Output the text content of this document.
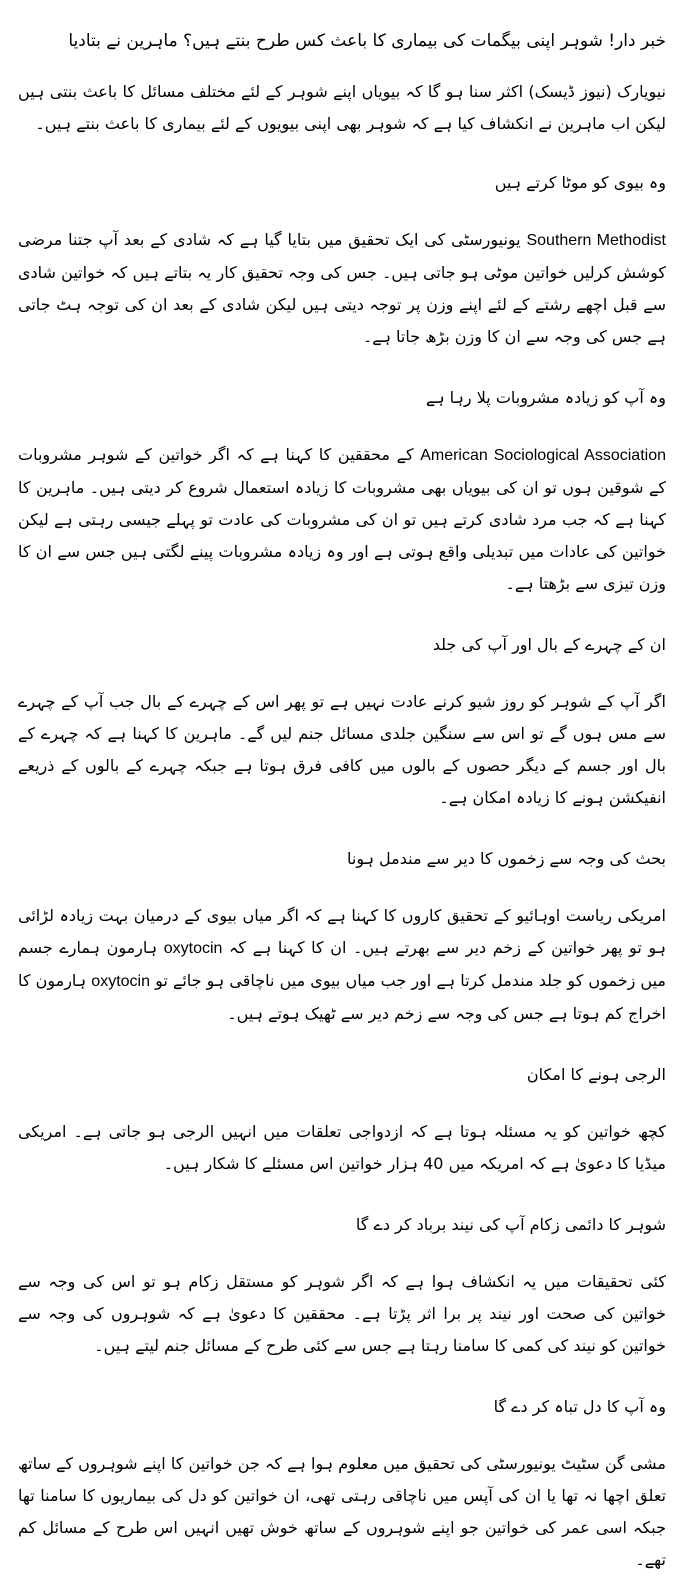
خبر دار! شوہر اپنی بیگمات کی بیماری کا باعث کس طرح بنتے ہیں؟ ماہرین نے بتادیا

نیویارک (نیوز ڈیسک) اکثر سنا ہو گا کہ بیویاں اپنے شوہر کے لئے مختلف مسائل کا باعث بنتی ہیں لیکن اب ماہرین نے انکشاف کیا ہے کہ شوہر بھی اپنی بیویوں کے لئے بیماری کا باعث بنتے ہیں۔

وہ بیوی کو موٹا کرتے ہیں

Southern Methodist یونیورسٹی کی ایک تحقیق میں بتایا گیا ہے کہ شادی کے بعد آپ جتنا مرضی کوشش کرلیں خواتین موٹی ہو جاتی ہیں۔ جس کی وجہ تحقیق کار یہ بتاتے ہیں کہ خواتین شادی سے قبل اچھے رشتے کے لئے اپنے وزن پر توجہ دیتی ہیں لیکن شادی کے بعد ان کی توجہ ہٹ جاتی ہے جس کی وجہ سے ان کا وزن بڑھ جاتا ہے۔

وہ آپ کو زیادہ مشروبات پلا رہا ہے

American Sociological Association کے محققین کا کہنا ہے کہ اگر خواتین کے شوہر مشروبات کے شوقین ہوں تو ان کی بیویاں بھی مشروبات کا زیادہ استعمال شروع کر دیتی ہیں۔ ماہرین کا کہنا ہے کہ جب مرد شادی کرتے ہیں تو ان کی مشروبات کی عادت تو پہلے جیسی رہتی ہے لیکن خواتین کی عادات میں تبدیلی واقع ہوتی ہے اور وہ زیادہ مشروبات پینے لگتی ہیں جس سے ان کا وزن تیزی سے بڑھتا ہے۔

ان کے چہرے کے بال اور آپ کی جلد

اگر آپ کے شوہر کو روز شیو کرنے عادت نہیں ہے تو پھر اس کے چہرے کے بال جب آپ کے چہرے سے مس ہوں گے تو اس سے سنگین جلدی مسائل جنم لیں گے۔ ماہرین کا کہنا ہے کہ چہرے کے بال اور جسم کے دیگر حصوں کے بالوں میں کافی فرق ہوتا ہے جبکہ چہرے کے بالوں کے ذریعے انفیکشن ہونے کا زیادہ امکان ہے۔

بحث کی وجہ سے زخموں کا دیر سے مندمل ہونا

امریکی ریاست اوہائیو کے تحقیق کاروں کا کہنا ہے کہ اگر میاں بیوی کے درمیان بہت زیادہ لڑائی ہو تو پھر خواتین کے زخم دیر سے بھرتے ہیں۔ ان کا کہنا ہے کہ oxytocin ہارمون ہمارے جسم میں زخموں کو جلد مندمل کرتا ہے اور جب میاں بیوی میں ناچاقی ہو جائے تو oxytocin ہارمون کا اخراج کم ہوتا ہے جس کی وجہ سے زخم دیر سے ٹھیک ہوتے ہیں۔

الرجی ہونے کا امکان

کچھ خواتین کو یہ مسئلہ ہوتا ہے کہ ازدواجی تعلقات میں انہیں الرجی ہو جاتی ہے۔ امریکی میڈیا کا دعویٰ ہے کہ امریکہ میں 40 ہزار خواتین اس مسئلے کا شکار ہیں۔

شوہر کا دائمی زکام آپ کی نیند برباد کر دے گا

کئی تحقیقات میں یہ انکشاف ہوا ہے کہ اگر شوہر کو مستقل زکام ہو تو اس کی وجہ سے خواتین کی صحت اور نیند پر برا اثر پڑتا ہے۔ محققین کا دعویٰ ہے کہ شوہروں کی وجہ سے خواتین کو نیند کی کمی کا سامنا رہتا ہے جس سے کئی طرح کے مسائل جنم لیتے ہیں۔

وہ آپ کا دل تباہ کر دے گا

مشی گن سٹیٹ یونیورسٹی کی تحقیق میں معلوم ہوا ہے کہ جن خواتین کا اپنے شوہروں کے ساتھ تعلق اچھا نہ تھا یا ان کی آپس میں ناچاقی رہتی تھی، ان خواتین کو دل کی بیماریوں کا سامنا تھا جبکہ اسی عمر کی خواتین جو اپنے شوہروں کے ساتھ خوش تھیں انہیں اس طرح کے مسائل کم تھے۔
